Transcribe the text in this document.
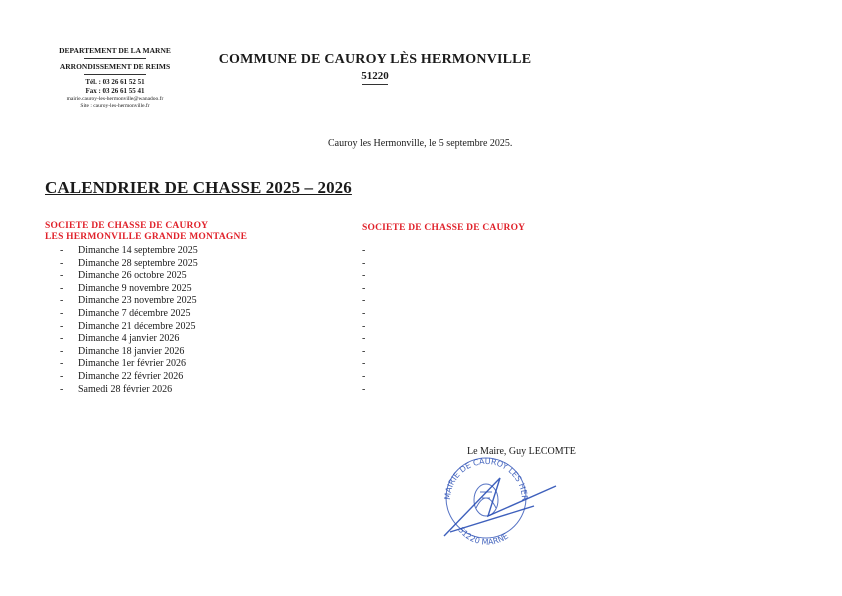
DEPARTEMENT DE LA MARNE
ARRONDISSEMENT DE REIMS
Tél. : 03 26 61 52 51
Fax : 03 26 61 55 41
mairie.cauroy-les-hermonville@wanadoo.fr
Site : cauroy-les-hermonville.fr
COMMUNE DE CAUROY LÈS HERMONVILLE
51220
Cauroy les Hermonville, le 5 septembre 2025.
CALENDRIER DE CHASSE 2025 – 2026
SOCIETE DE CHASSE DE CAUROY
LES HERMONVILLE GRANDE MONTAGNE
SOCIETE DE CHASSE DE CAUROY
- Dimanche 14 septembre 2025
- Dimanche 28 septembre 2025
- Dimanche 26 octobre 2025
- Dimanche 9 novembre 2025
- Dimanche 23 novembre 2025
- Dimanche 7 décembre 2025
- Dimanche 21 décembre 2025
- Dimanche 4 janvier 2026
- Dimanche 18 janvier 2026
- Dimanche 1er février 2026
- Dimanche 22 février 2026
- Samedi 28 février 2026
-
-
-
-
-
-
-
-
-
-
-
-
Le Maire, Guy LECOMTE
MAIRIE DE CAUROY LES HER
51220 MARNE
